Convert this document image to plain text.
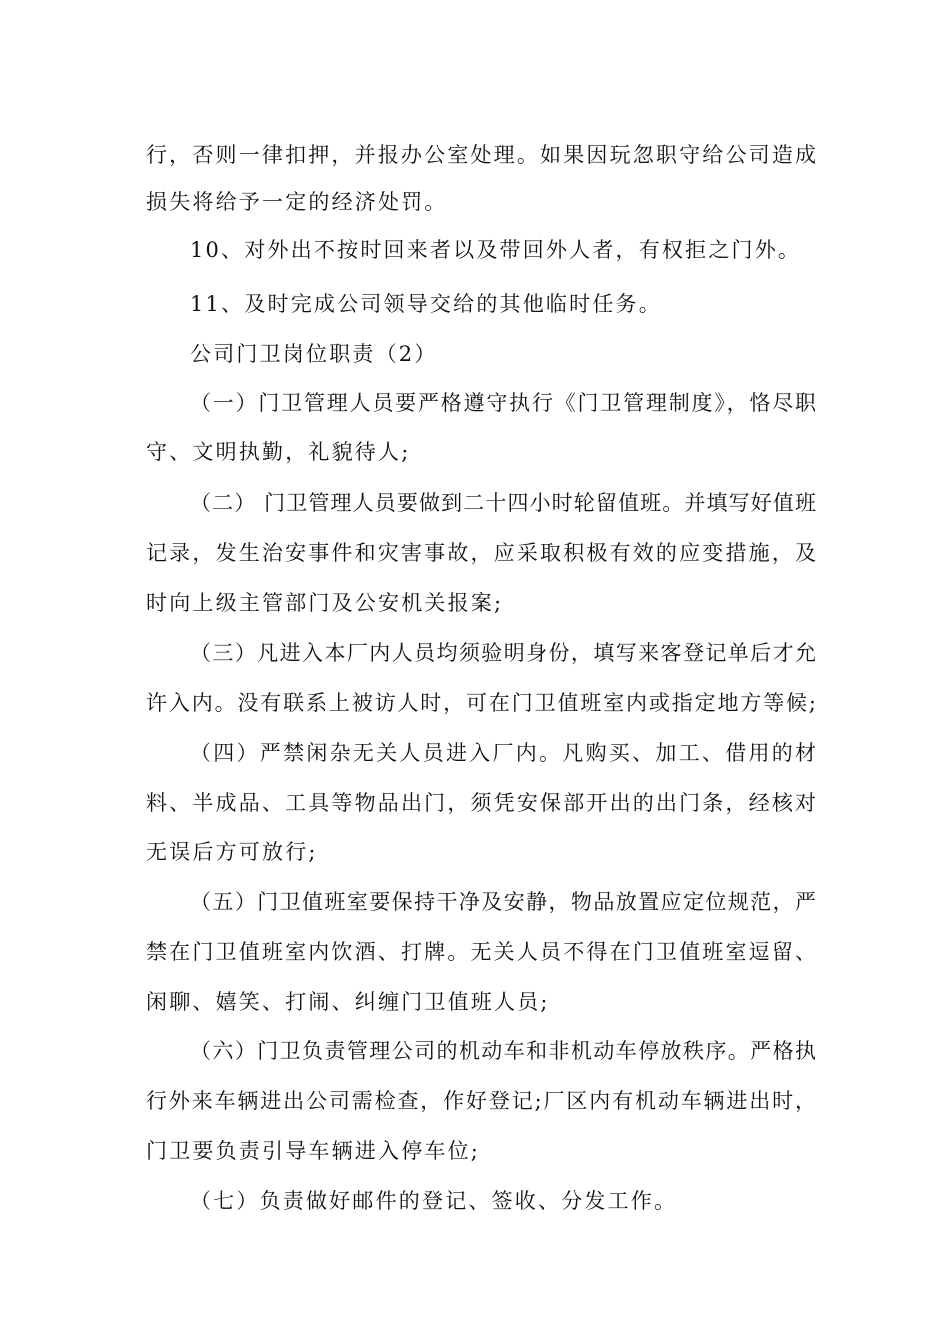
行，否则一律扣押，并报办公室处理。如果因玩忽职守给公司造成
损失将给予一定的经济处罚。
10、对外出不按时回来者以及带回外人者，有权拒之门外。
11、及时完成公司领导交给的其他临时任务。
公司门卫岗位职责（2）
（一）门卫管理人员要严格遵守执行《门卫管理制度》，恪尽职
守、文明执勤，礼貌待人;
（二） 门卫管理人员要做到二十四小时轮留值班。并填写好值班
记录，发生治安事件和灾害事故，应采取积极有效的应变措施，及
时向上级主管部门及公安机关报案;
（三）凡进入本厂内人员均须验明身份，填写来客登记单后才允
许入内。没有联系上被访人时，可在门卫值班室内或指定地方等候;
（四）严禁闲杂无关人员进入厂内。凡购买、加工、借用的材
料、半成品、工具等物品出门，须凭安保部开出的出门条，经核对
无误后方可放行;
（五）门卫值班室要保持干净及安静，物品放置应定位规范，严
禁在门卫值班室内饮酒、打牌。无关人员不得在门卫值班室逗留、
闲聊、嬉笑、打闹、纠缠门卫值班人员;
（六）门卫负责管理公司的机动车和非机动车停放秩序。严格执
行外来车辆进出公司需检查，作好登记;厂区内有机动车辆进出时，
门卫要负责引导车辆进入停车位;
（七）负责做好邮件的登记、签收、分发工作。
